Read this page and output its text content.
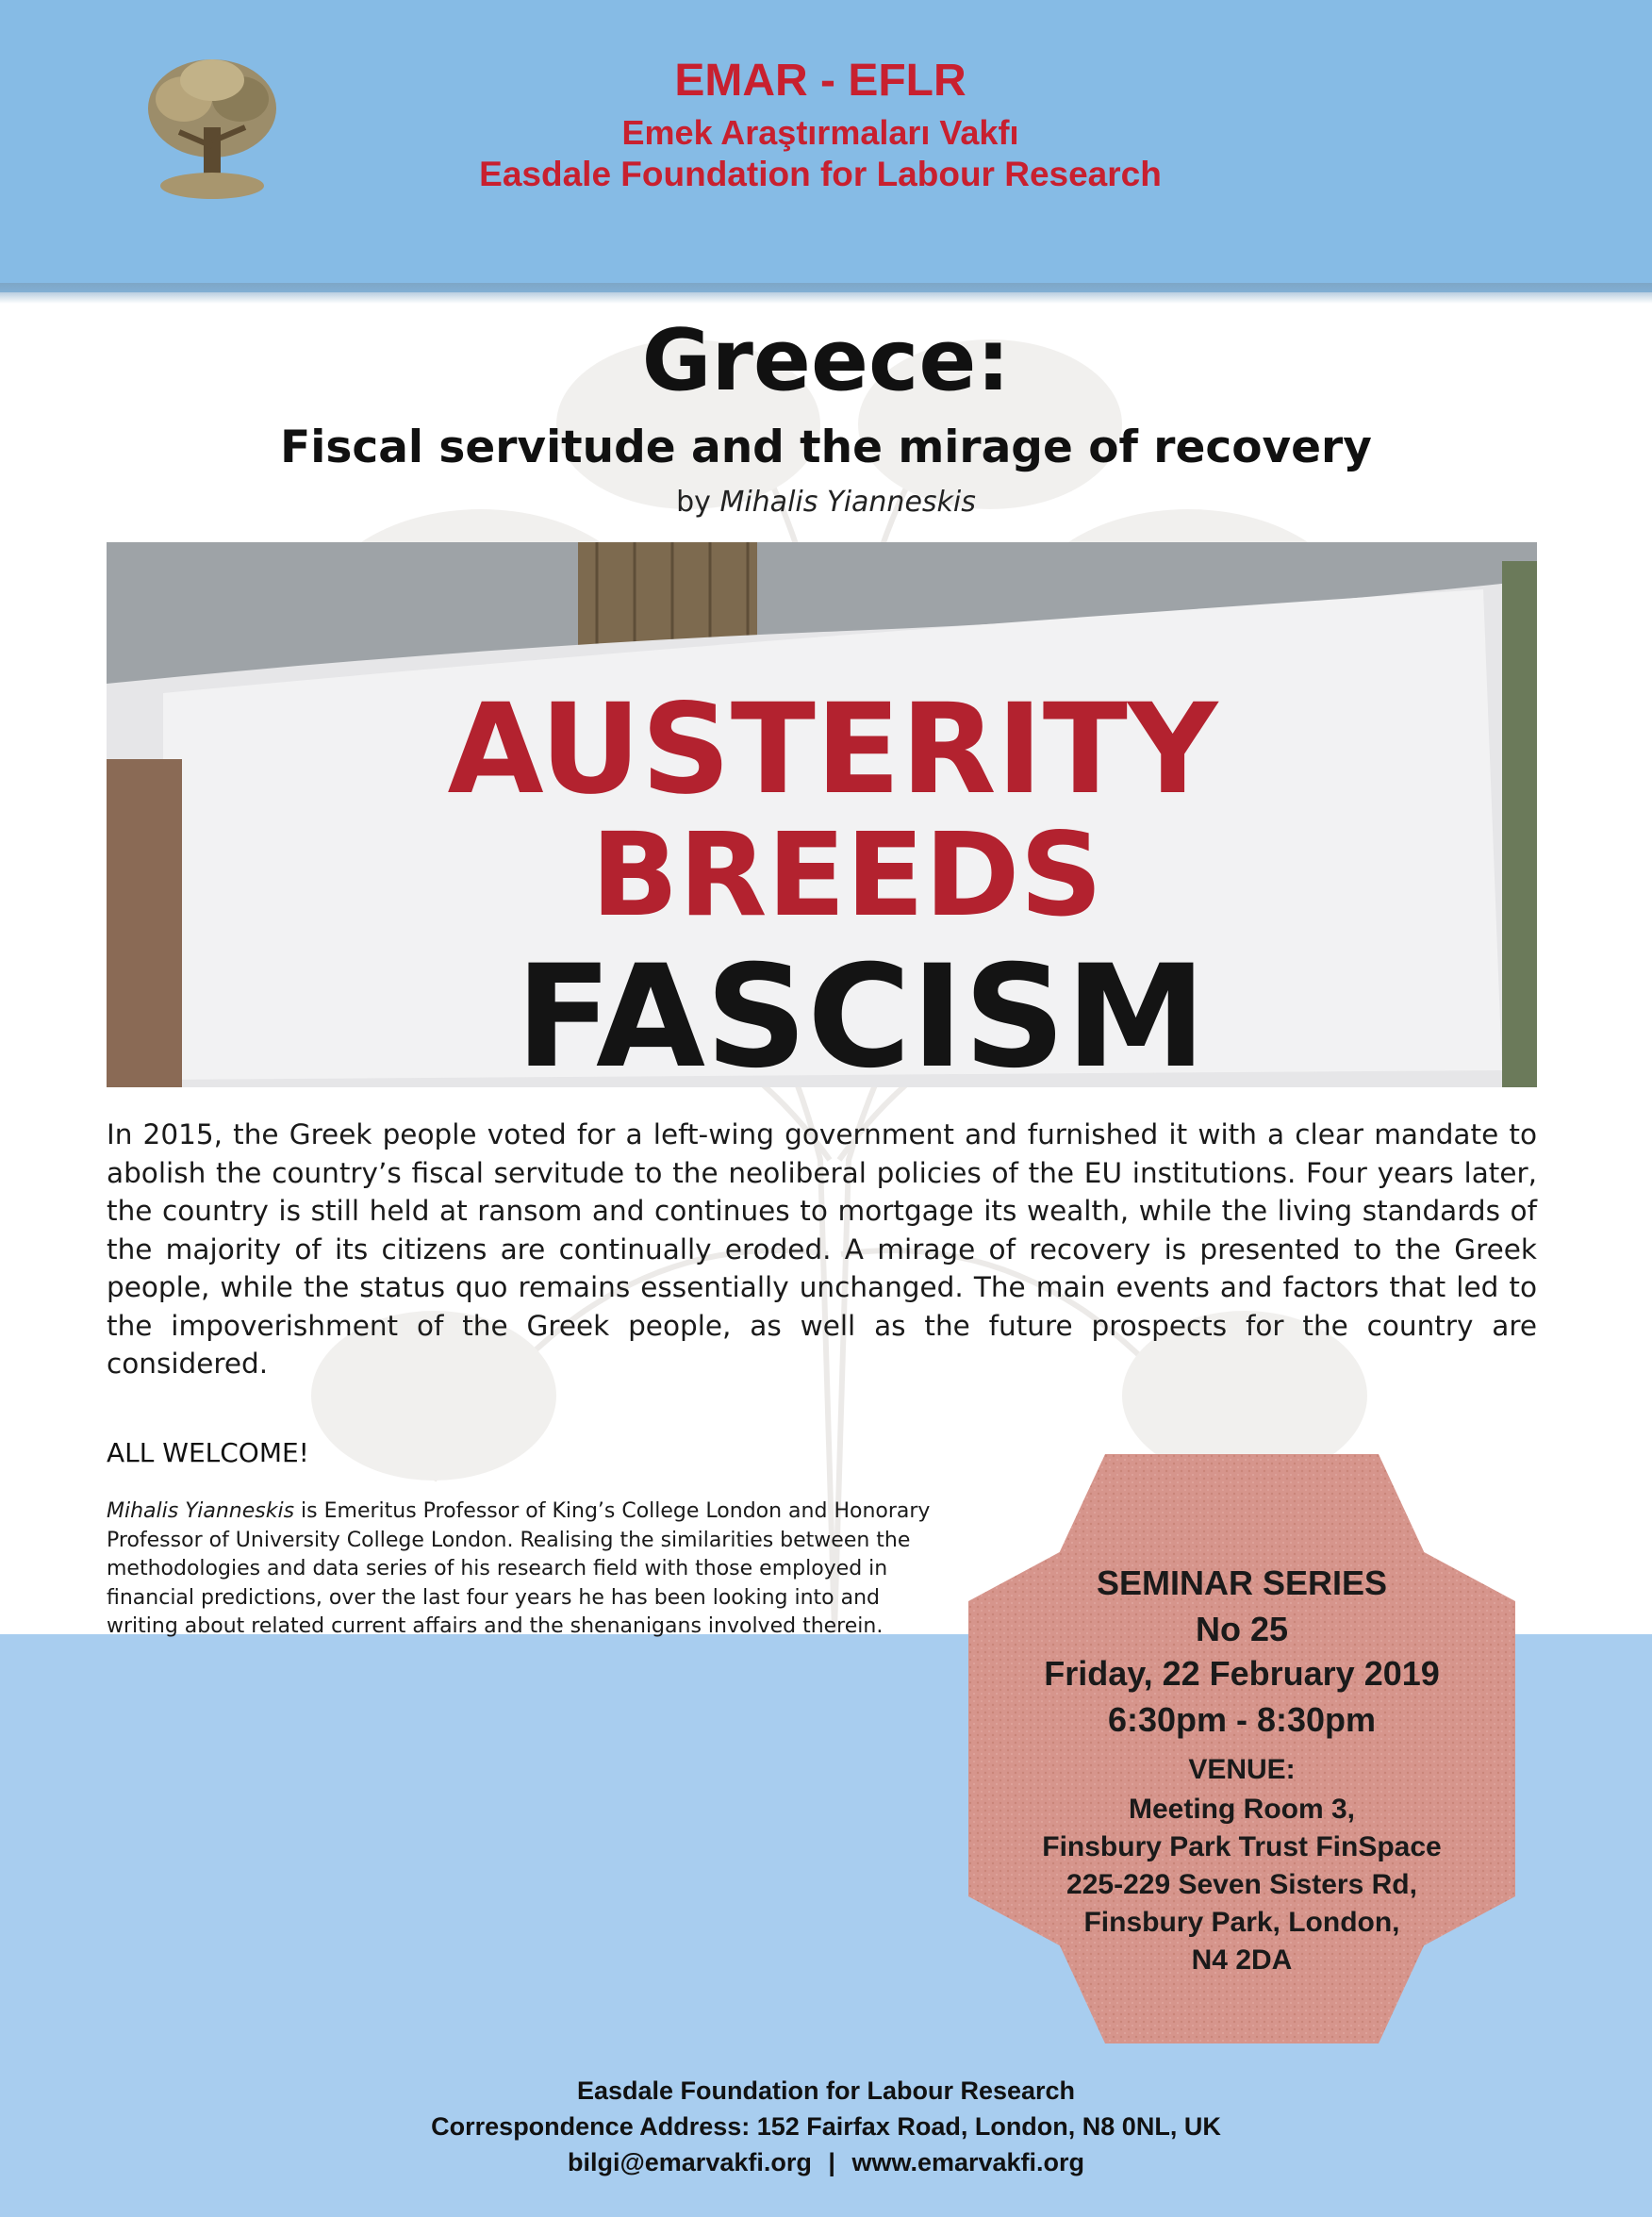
EMAR - EFLR
Emek Araştırmaları Vakfı
Easdale Foundation for Labour Research
Greece:
Fiscal servitude and the mirage of recovery
by Mihalis Yianneskis
AUSTERITY
BREEDS
FASCISM
In 2015, the Greek people voted for a left-wing government and furnished it with a clear mandate to abolish the country’s fiscal servitude to the neoliberal policies of the EU institutions. Four years later, the country is still held at ransom and continues to mortgage its wealth, while the living standards of the majority of its citizens are continually eroded. A mirage of recovery is presented to the Greek people, while the status quo remains essentially unchanged. The main events and factors that led to the impoverishment of the Greek people, as well as the future prospects for the country are considered.
ALL WELCOME!
Mihalis Yianneskis is Emeritus Professor of King’s College London and Honorary Professor of University College London. Realising the similarities between the methodologies and data series of his research field with those employed in financial predictions, over the last four years he has been looking into and writing about related current affairs and the shenanigans involved therein.
SEMINAR SERIES
No 25
Friday, 22 February 2019
6:30pm - 8:30pm
VENUE:
Meeting Room 3,
Finsbury Park Trust FinSpace
225-229 Seven Sisters Rd,
Finsbury Park, London,
N4 2DA
Easdale Foundation for Labour Research
Correspondence Address: 152 Fairfax Road, London, N8 0NL, UK
bilgi@emarvakfi.org | www.emarvakfi.org
